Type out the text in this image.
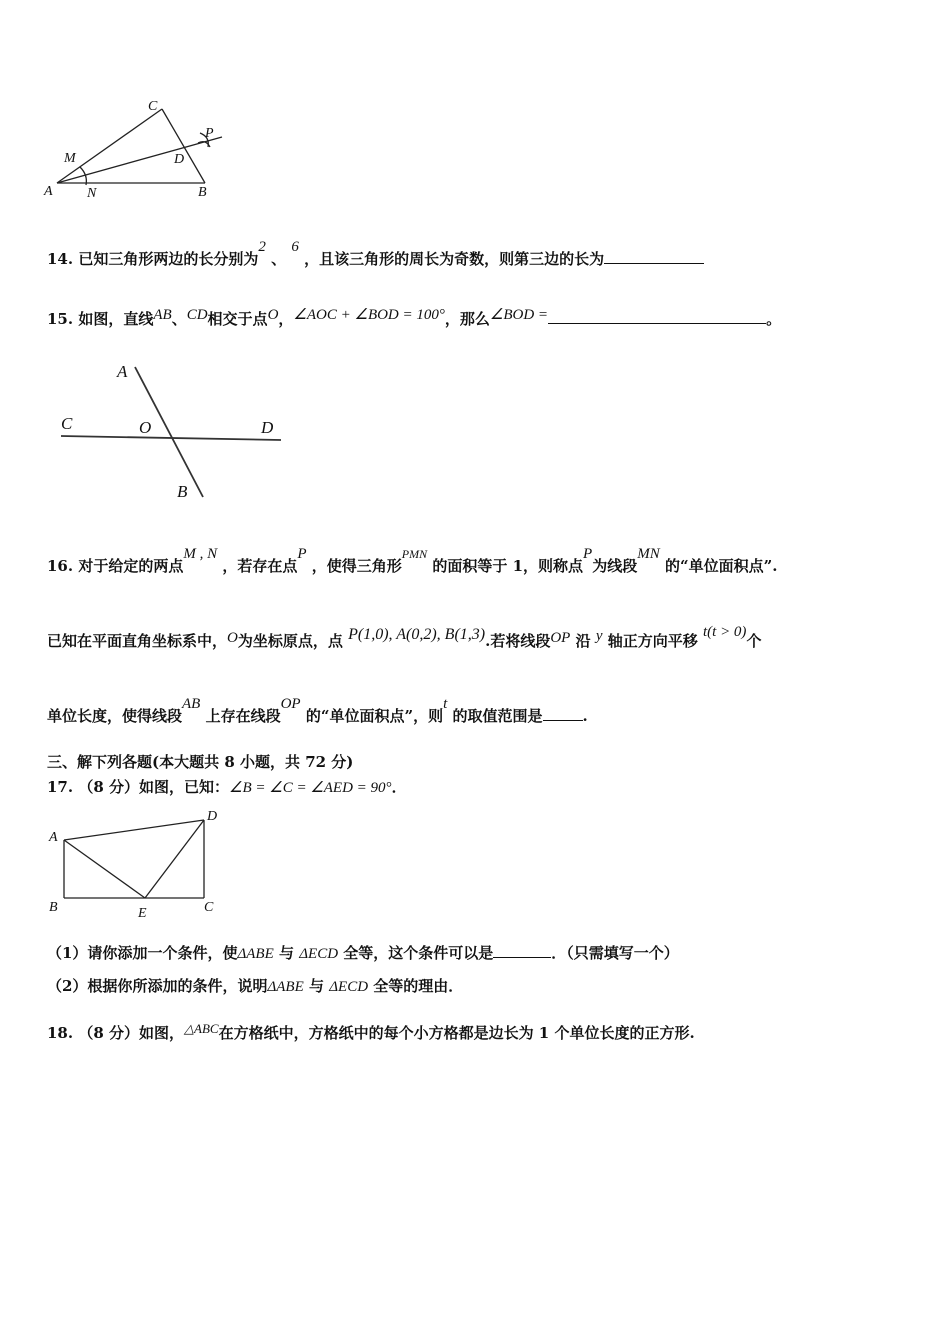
A	B
C
D
M
N
P
14. 已知三角形两边的长分别为2 、 6 ，且该三角形的周长为奇数，则第三边的长为
15. 如图，直线AB、CD相交于点O，∠AOC + ∠BOD = 100°，那么∠BOD =	。
A
B
C	D
O
16. 对于给定的两点M , N ，若存在点P ，使得三角形$^{PMN}$ 的面积等于 1，则称点P为线段MN 的“单位面积点”.
已知在平面直角坐标系中，O为坐标原点，点 P(1,0), A(0,2), B(1,3).若将线段OP 沿 y 轴正方向平移 t(t > 0)个
单位长度，使得线段AB 上存在线段OP 的“单位面积点”，则t 的取值范围是	.
三、解下列各题(本大题共 8 小题，共 72 分)
17. （8 分）如图，已知：∠B = ∠C = ∠AED = 90°．
A
B	C
D
E
（1）请你添加一个条件，使ΔABE 与 ΔECD 全等，这个条件可以是	．（只需填写一个）
（2）根据你所添加的条件，说明ΔABE 与 ΔECD 全等的理由．
18. （8 分）如图，△ABC在方格纸中，方格纸中的每个小方格都是边长为 1 个单位长度的正方形.
